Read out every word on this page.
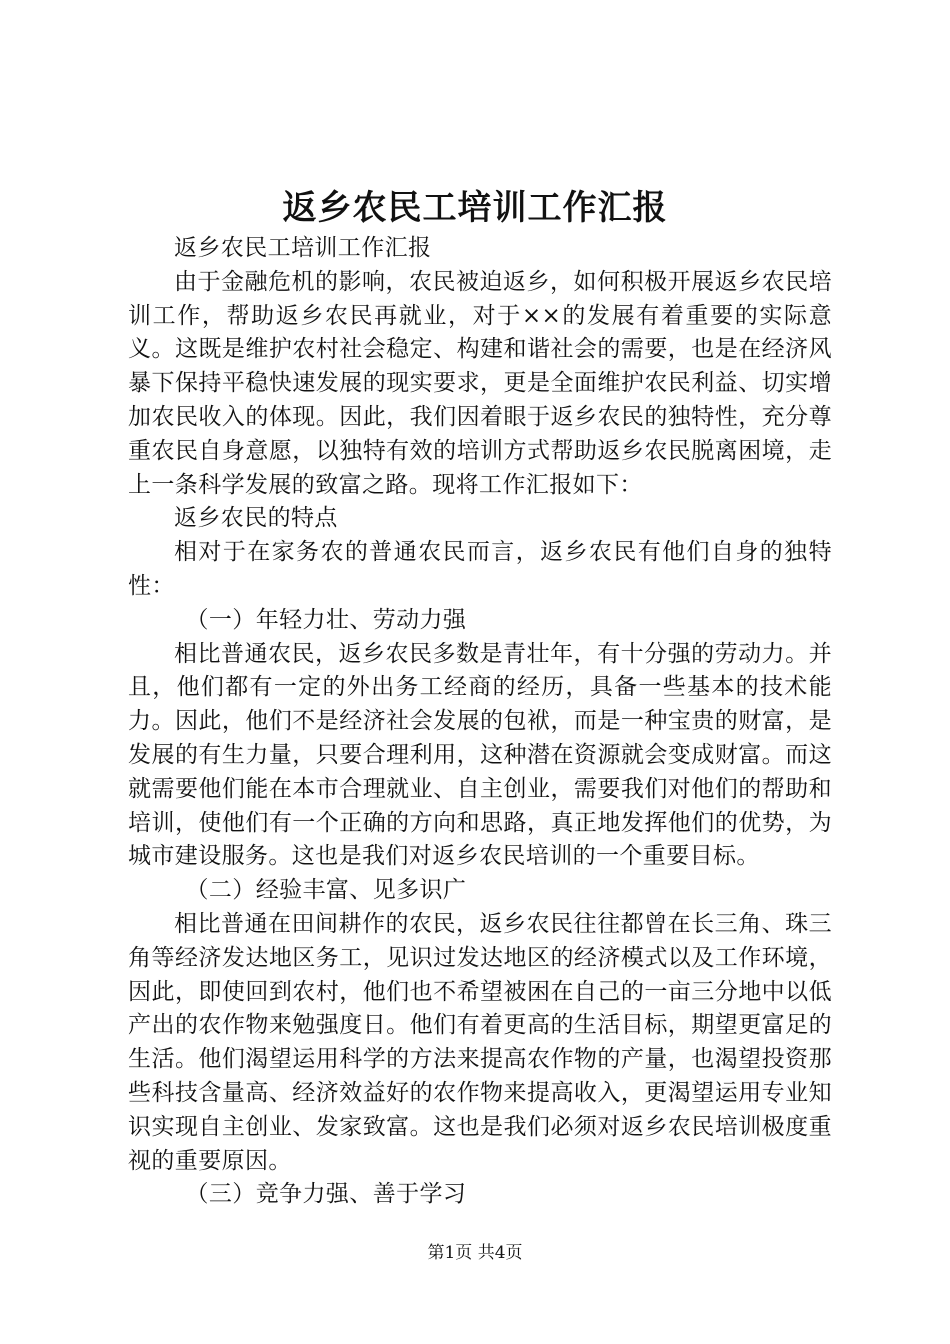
返乡农民工培训工作汇报

返乡农民工培训工作汇报

由于金融危机的影响，农民被迫返乡，如何积极开展返乡农民培训工作，帮助返乡农民再就业，对于××的发展有着重要的实际意义。这既是维护农村社会稳定、构建和谐社会的需要，也是在经济风暴下保持平稳快速发展的现实要求，更是全面维护农民利益、切实增加农民收入的体现。因此，我们因着眼于返乡农民的独特性，充分尊重农民自身意愿，以独特有效的培训方式帮助返乡农民脱离困境，走上一条科学发展的致富之路。现将工作汇报如下：

返乡农民的特点

相对于在家务农的普通农民而言，返乡农民有他们自身的独特性：

（一）年轻力壮、劳动力强

相比普通农民，返乡农民多数是青壮年，有十分强的劳动力。并且，他们都有一定的外出务工经商的经历，具备一些基本的技术能力。因此，他们不是经济社会发展的包袱，而是一种宝贵的财富，是发展的有生力量，只要合理利用，这种潜在资源就会变成财富。而这就需要他们能在本市合理就业、自主创业，需要我们对他们的帮助和培训，使他们有一个正确的方向和思路，真正地发挥他们的优势，为城市建设服务。这也是我们对返乡农民培训的一个重要目标。

（二）经验丰富、见多识广

相比普通在田间耕作的农民，返乡农民往往都曾在长三角、珠三角等经济发达地区务工，见识过发达地区的经济模式以及工作环境，因此，即使回到农村，他们也不希望被困在自己的一亩三分地中以低产出的农作物来勉强度日。他们有着更高的生活目标，期望更富足的生活。他们渴望运用科学的方法来提高农作物的产量，也渴望投资那些科技含量高、经济效益好的农作物来提高收入，更渴望运用专业知识实现自主创业、发家致富。这也是我们必须对返乡农民培训极度重视的重要原因。

（三）竞争力强、善于学习

第1页 共4页
